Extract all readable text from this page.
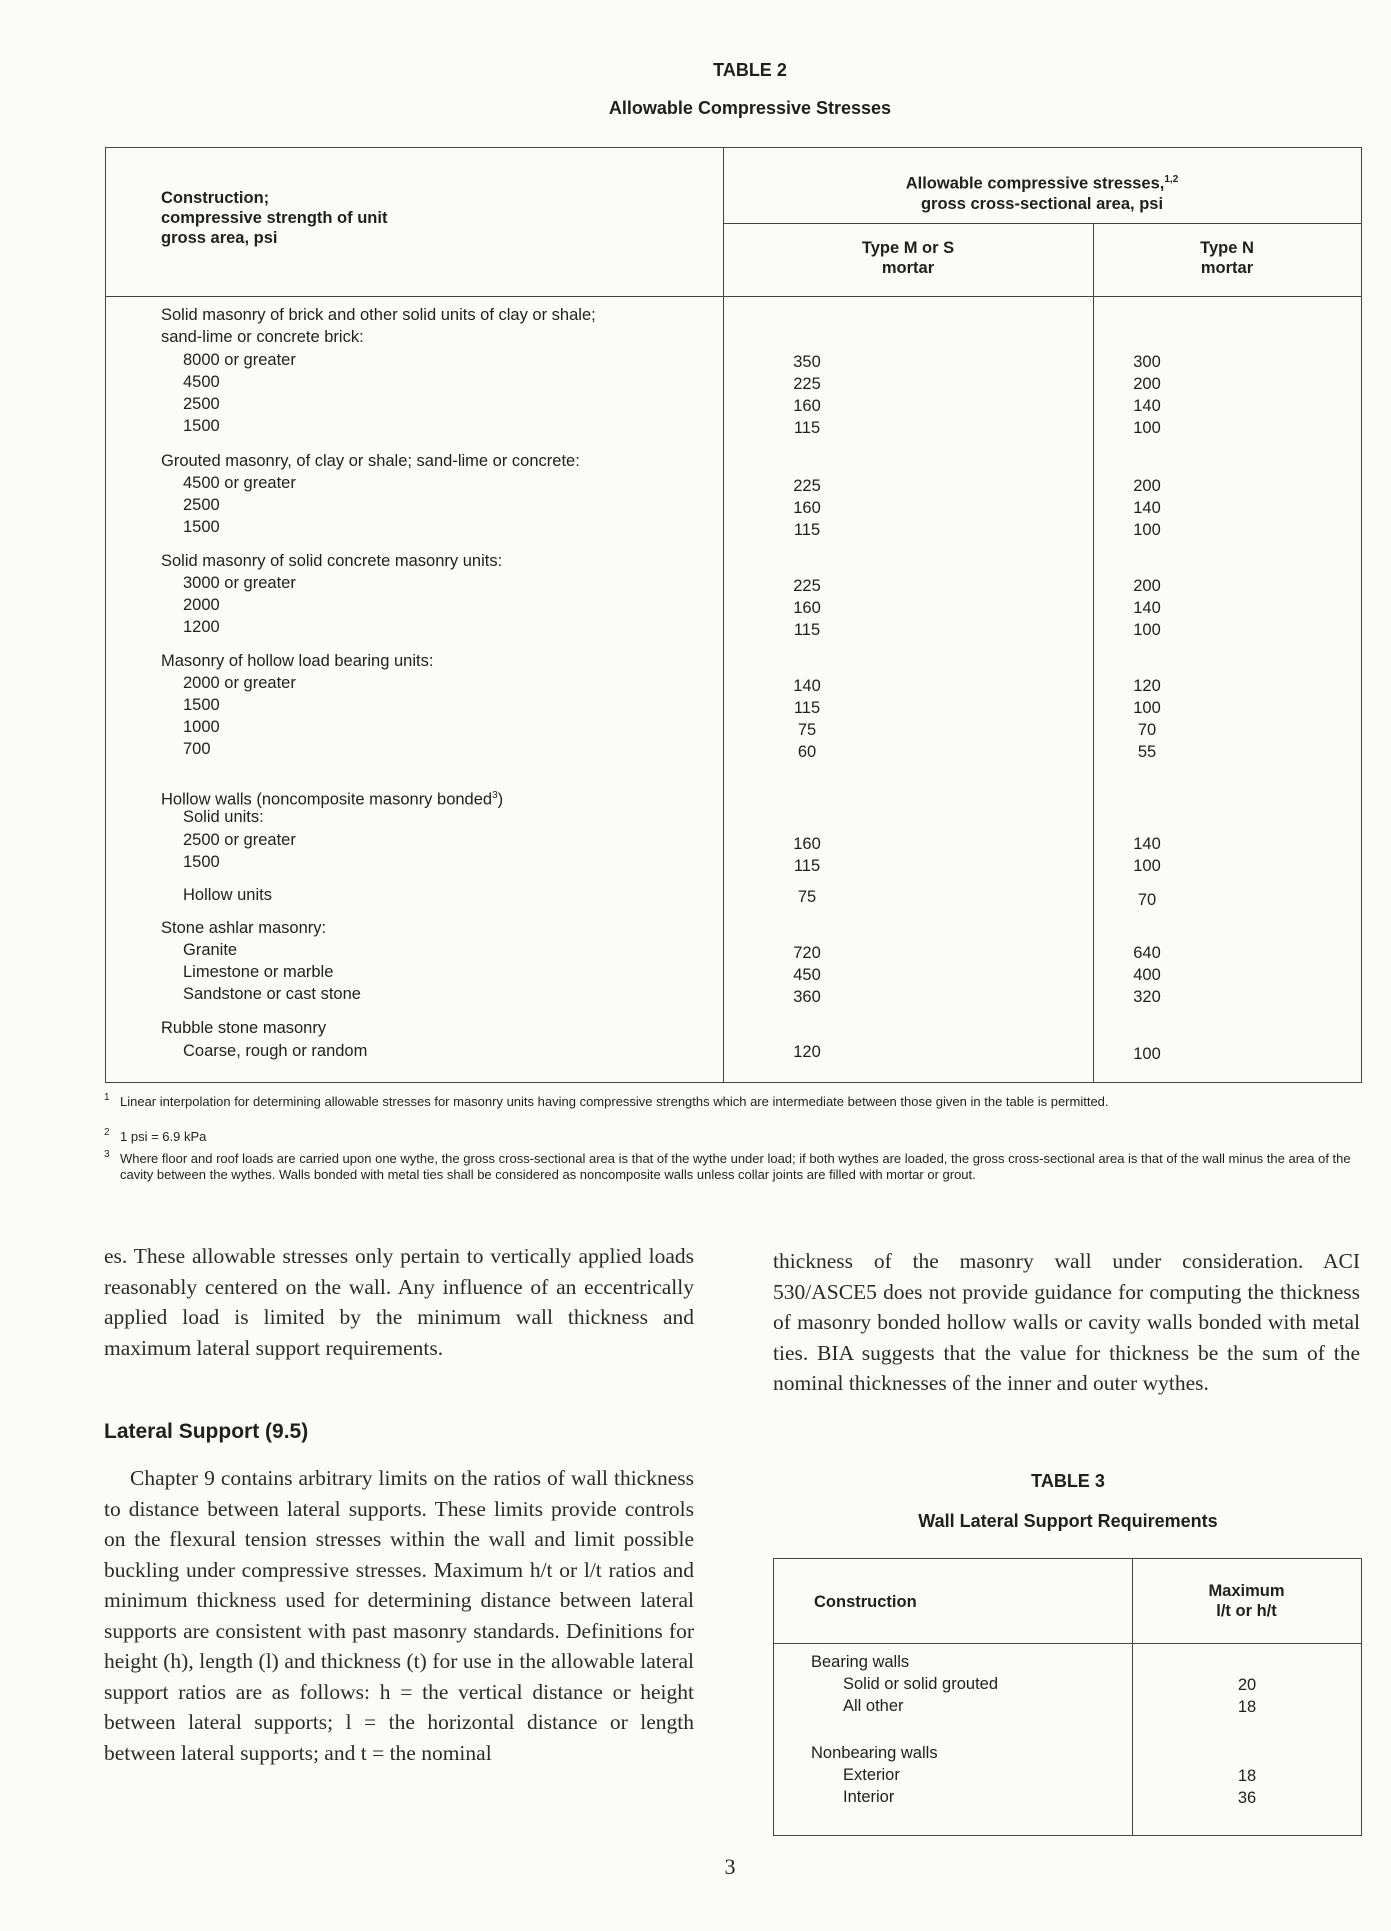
TABLE 2
Allowable Compressive Stresses
Construction;
compressive strength of unit
gross area, psi
Allowable compressive stresses,$^{1,2}$
gross cross-sectional area, psi
Type M or S
mortar
Type N
mortar
Solid masonry of brick and other solid units of clay or shale;
sand-lime or concrete brick:
8000 or greater
4500
2500
1500
350
225
160
115
300
200
140
100
Grouted masonry, of clay or shale; sand-lime or concrete:
4500 or greater
2500
1500
225
160
115
200
140
100
Solid masonry of solid concrete masonry units:
3000 or greater
2000
1200
225
160
115
200
140
100
Masonry of hollow load bearing units:
2000 or greater
1500
1000
700
140
115
75
60
120
100
70
55
Hollow walls (noncomposite masonry bonded$^3$)
Solid units:
2500 or greater
1500
Hollow units
160
115
75
140
100
70
Stone ashlar masonry:
Granite
Limestone or marble
Sandstone or cast stone
720
450
360
640
400
320
Rubble stone masonry
Coarse, rough or random	120	100
1 Linear interpolation for determining allowable stresses for masonry units having compressive strengths which are intermediate between those given in the table is permitted.
2 1 psi = 6.9 kPa
3 Where floor and roof loads are carried upon one wythe, the gross cross-sectional area is that of the wythe under load; if both wythes are loaded, the gross cross-sectional area is that of the wall minus the area of the cavity between the wythes. Walls bonded with metal ties shall be considered as noncomposite walls unless collar joints are filled with mortar or grout.
es. These allowable stresses only pertain to vertically applied loads reasonably centered on the wall. Any influence of an eccentrically applied load is limited by the minimum wall thickness and maximum lateral support requirements.
Lateral Support (9.5)
Chapter 9 contains arbitrary limits on the ratios of wall thickness to distance between lateral supports. These limits provide controls on the flexural tension stresses within the wall and limit possible buckling under compressive stresses. Maximum h/t or l/t ratios and minimum thickness used for determining distance between lateral supports are consistent with past masonry standards. Definitions for height (h), length (l) and thickness (t) for use in the allowable lateral support ratios are as follows: h = the vertical distance or height between lateral supports; l = the horizontal distance or length between lateral supports; and t = the nominal
thickness of the masonry wall under consideration. ACI 530/ASCE5 does not provide guidance for computing the thickness of masonry bonded hollow walls or cavity walls bonded with metal ties. BIA suggests that the value for thickness be the sum of the nominal thicknesses of the inner and outer wythes.
TABLE 3
Wall Lateral Support Requirements
Construction
Maximum
l/t or h/t
Bearing walls
Solid or solid grouted
All other
20
18
Nonbearing walls
Exterior
Interior
18
36
3
